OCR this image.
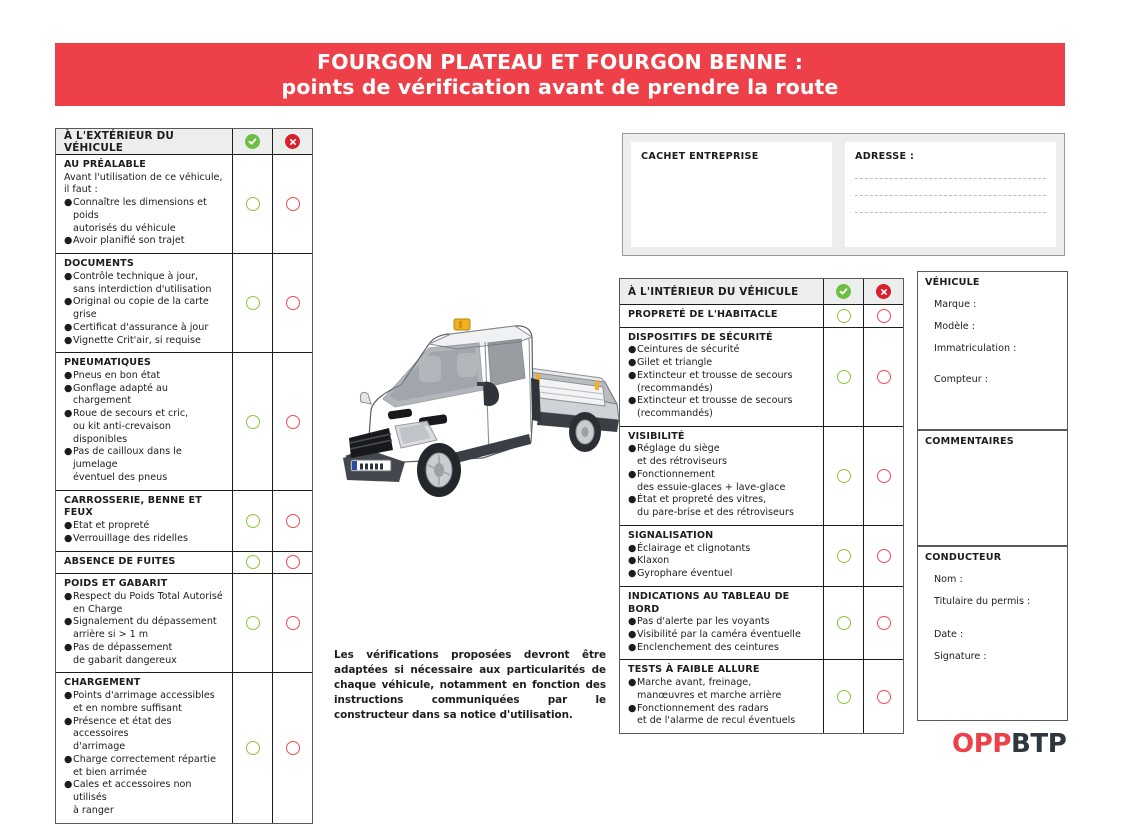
FOURGON PLATEAU ET FOURGON BENNE :
points de vérification avant de prendre la route
À L'EXTÉRIEUR DU VÉHICULE
AU PRÉALABLE
Avant l'utilisation de ce véhicule,
il faut :
● Connaître les dimensions et poids
autorisés du véhicule
● Avoir planifié son trajet
DOCUMENTS
● Contrôle technique à jour,
sans interdiction d'utilisation
● Original ou copie de la carte grise
● Certificat d'assurance à jour
● Vignette Crit'air, si requise
PNEUMATIQUES
● Pneus en bon état
● Gonflage adapté au chargement
● Roue de secours et cric,
ou kit anti-crevaison disponibles
● Pas de cailloux dans le jumelage
éventuel des pneus
CARROSSERIE, BENNE ET FEUX
● Etat et propreté
● Verrouillage des ridelles
ABSENCE DE FUITES
POIDS ET GABARIT
● Respect du Poids Total Autorisé
en Charge
● Signalement du dépassement
arrière si > 1 m
● Pas de dépassement
de gabarit dangereux
CHARGEMENT
● Points d'arrimage accessibles
et en nombre suffisant
● Présence et état des accessoires
d'arrimage
● Charge correctement répartie
et bien arrimée
● Cales et accessoires non utilisés
à ranger
À L'INTÉRIEUR DU VÉHICULE
PROPRETÉ DE L'HABITACLE
DISPOSITIFS DE SÉCURITÉ
● Ceintures de sécurité
● Gilet et triangle
● Extincteur et trousse de secours
(recommandés)
● Extincteur et trousse de secours
(recommandés)
VISIBILITÉ
● Réglage du siège
et des rétroviseurs
● Fonctionnement
des essuie-glaces + lave-glace
● État et propreté des vitres,
du pare-brise et des rétroviseurs
SIGNALISATION
● Éclairage et clignotants
● Klaxon
● Gyrophare éventuel
INDICATIONS AU TABLEAU DE BORD
● Pas d'alerte par les voyants
● Visibilité par la caméra éventuelle
● Enclenchement des ceintures
TESTS À FAIBLE ALLURE
● Marche avant, freinage,
manœuvres et marche arrière
● Fonctionnement des radars
et de l'alarme de recul éventuels
Les vérifications proposées devront être adaptées si nécessaire aux particularités de chaque véhicule, notamment en fonction des instructions communiquées par le constructeur dans sa notice d'utilisation.
CACHET ENTREPRISE	ADRESSE :
VÉHICULE
Marque :
Modèle :
Immatriculation :
Compteur :
COMMENTAIRES
CONDUCTEUR
Nom :
Titulaire du permis :
Date :
Signature :
OPPBTP
